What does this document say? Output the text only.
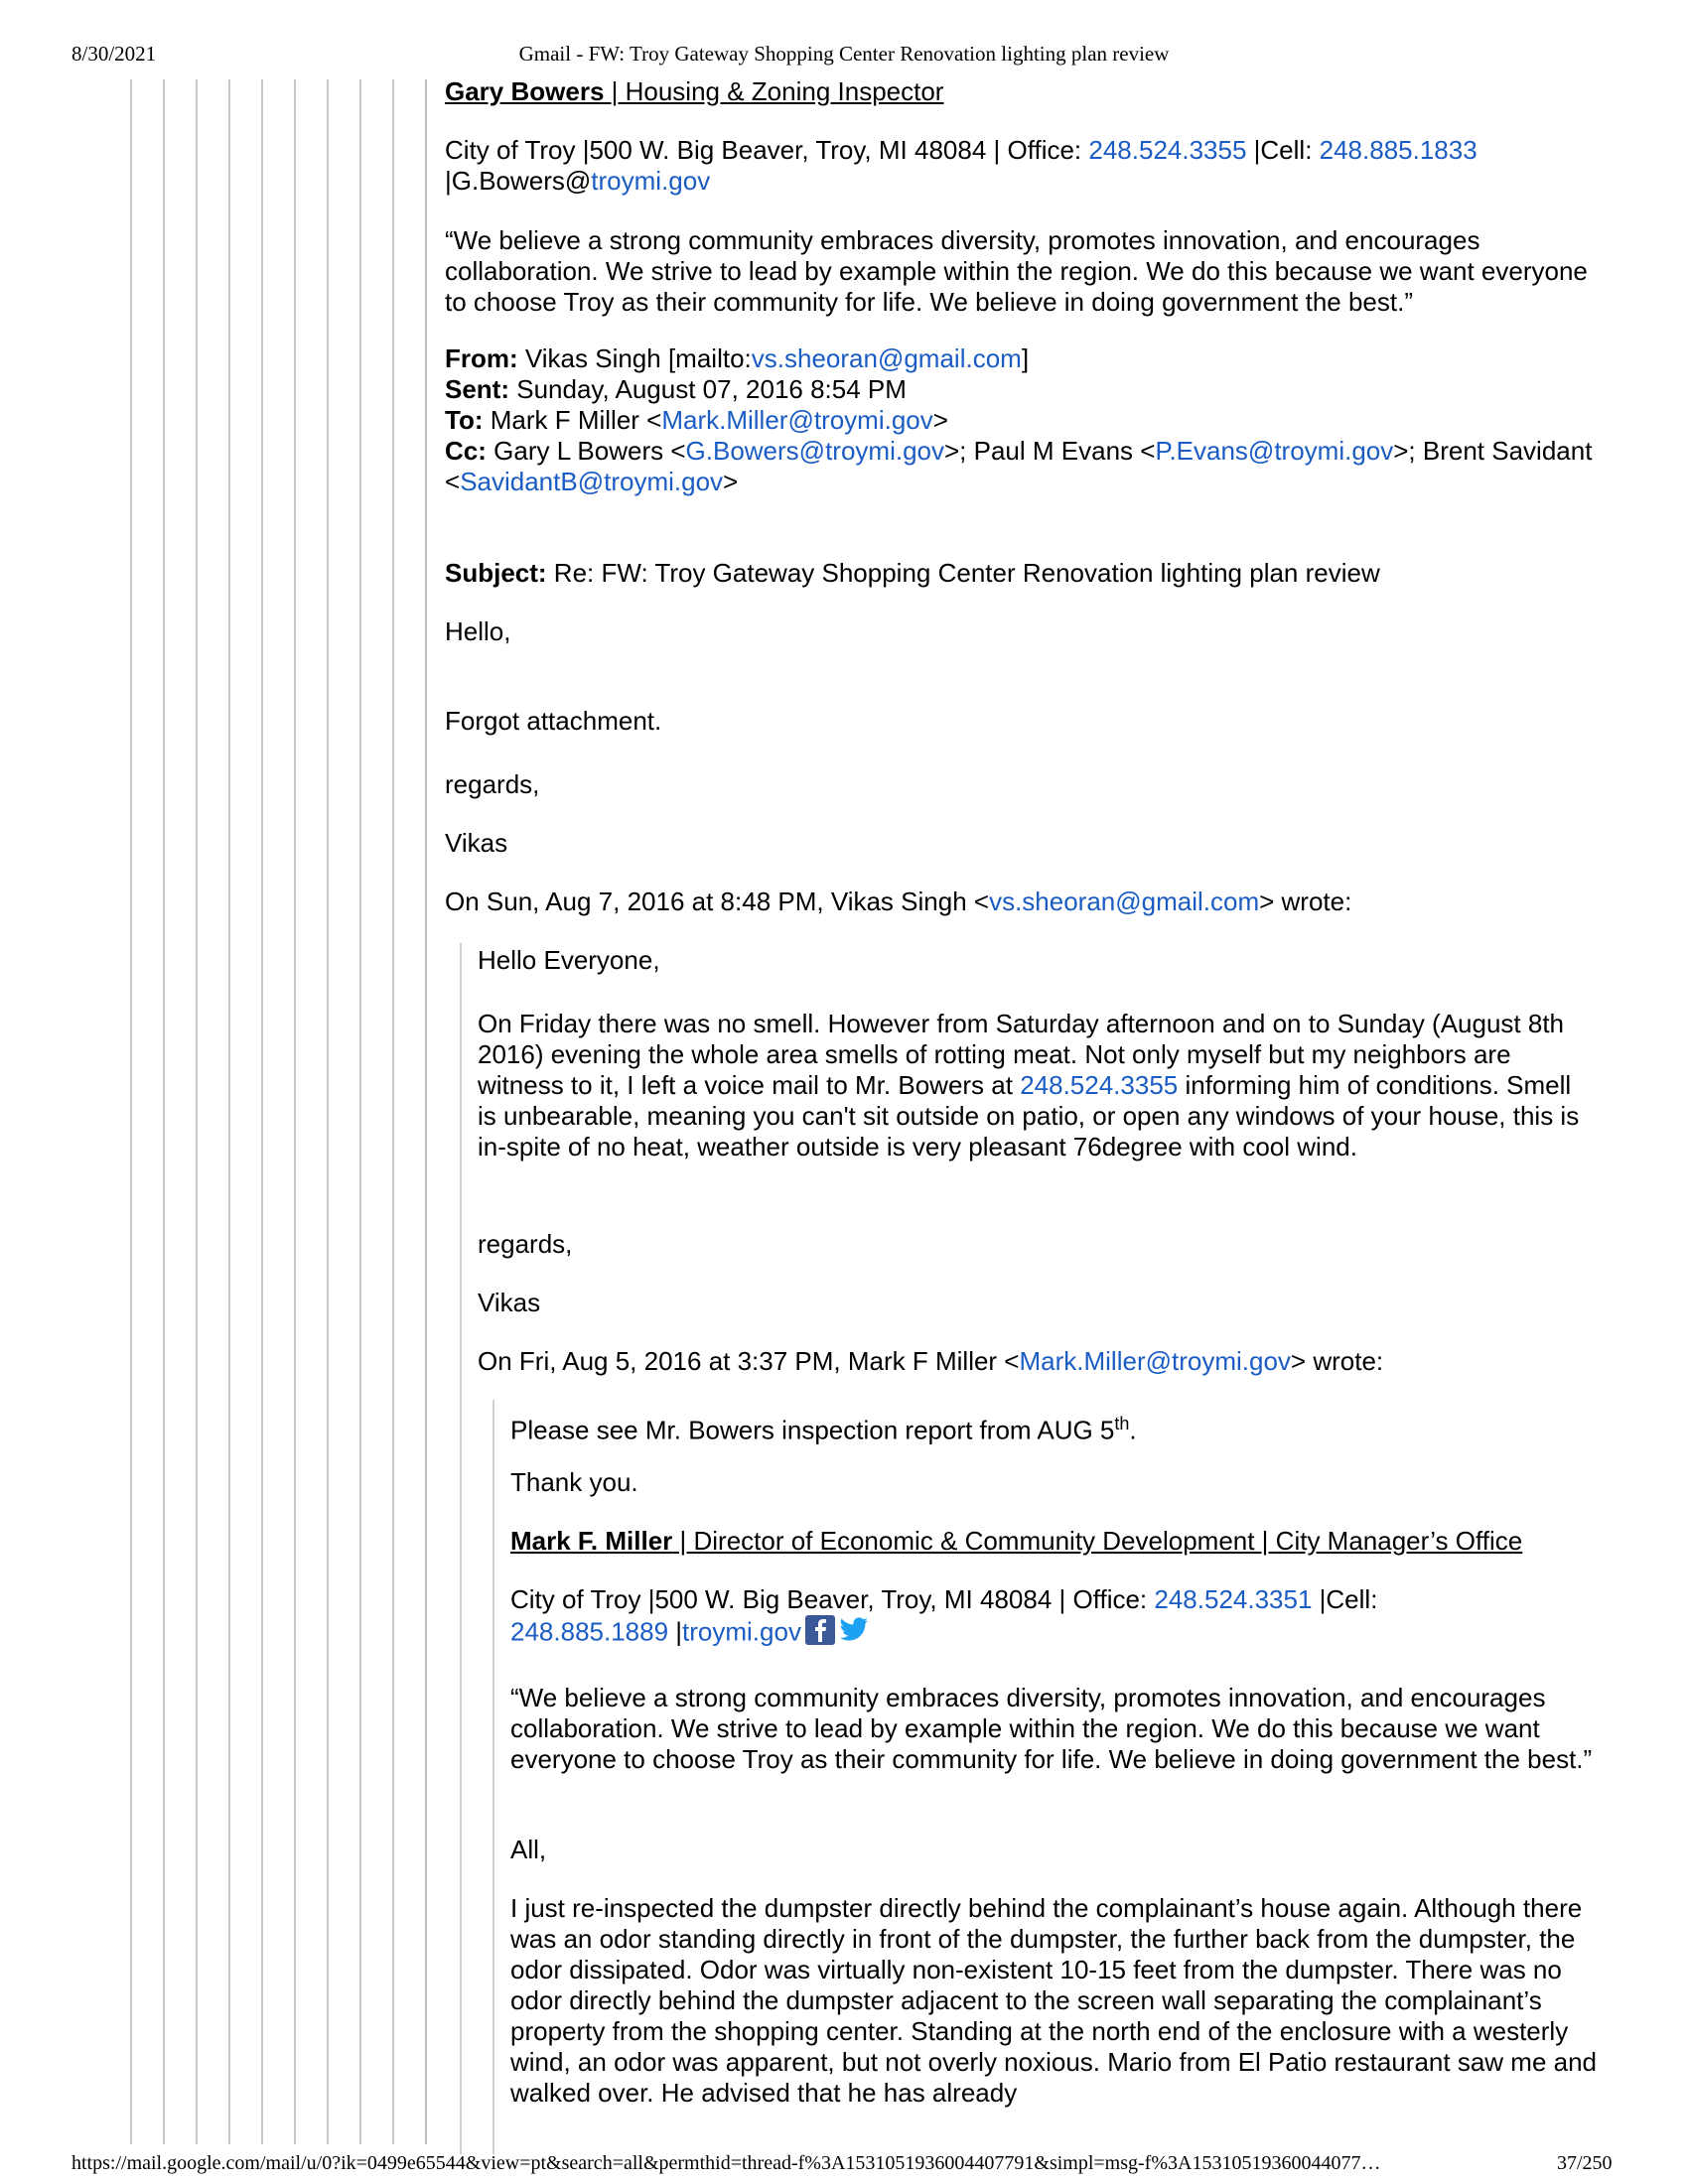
8/30/2021	Gmail - FW: Troy Gateway Shopping Center Renovation lighting plan review
Gary Bowers | Housing & Zoning Inspector
City of Troy |500 W. Big Beaver, Troy, MI 48084 | Office: 248.524.3355 |Cell: 248.885.1833
|G.Bowers@troymi.gov
“We believe a strong community embraces diversity, promotes innovation, and encourages collaboration. We strive to lead by example within the region. We do this because we want everyone to choose Troy as their community for life. We believe in doing government the best.”
From: Vikas Singh [mailto:vs.sheoran@gmail.com]
Sent: Sunday, August 07, 2016 8:54 PM
To: Mark F Miller <Mark.Miller@troymi.gov>
Cc: Gary L Bowers <G.Bowers@troymi.gov>; Paul M Evans <P.Evans@troymi.gov>; Brent Savidant <SavidantB@troymi.gov>
Subject: Re: FW: Troy Gateway Shopping Center Renovation lighting plan review
Hello,
Forgot attachment.
regards,
Vikas
On Sun, Aug 7, 2016 at 8:48 PM, Vikas Singh <vs.sheoran@gmail.com> wrote:
Hello Everyone,
On Friday there was no smell. However from Saturday afternoon and on to Sunday (August 8th 2016) evening the whole area smells of rotting meat. Not only myself but my neighbors are witness to it, I left a voice mail to Mr. Bowers at 248.524.3355 informing him of conditions. Smell is unbearable, meaning you can't sit outside on patio, or open any windows of your house, this is in-spite of no heat, weather outside is very pleasant 76degree with cool wind.
regards,
Vikas
On Fri, Aug 5, 2016 at 3:37 PM, Mark F Miller <Mark.Miller@troymi.gov> wrote:
Please see Mr. Bowers inspection report from AUG 5th.
Thank you.
Mark F. Miller | Director of Economic & Community Development | City Manager’s Office
City of Troy |500 W. Big Beaver, Troy, MI 48084 | Office: 248.524.3351 |Cell:
248.885.1889 |troymi.gov
“We believe a strong community embraces diversity, promotes innovation, and encourages collaboration. We strive to lead by example within the region. We do this because we want everyone to choose Troy as their community for life. We believe in doing government the best.”
All,
I just re-inspected the dumpster directly behind the complainant’s house again. Although there was an odor standing directly in front of the dumpster, the further back from the dumpster, the odor dissipated. Odor was virtually non-existent 10-15 feet from the dumpster. There was no odor directly behind the dumpster adjacent to the screen wall separating the complainant’s property from the shopping center. Standing at the north end of the enclosure with a westerly wind, an odor was apparent, but not overly noxious. Mario from El Patio restaurant saw me and walked over. He advised that he has already
https://mail.google.com/mail/u/0?ik=0499e65544&view=pt&search=all&permthid=thread-f%3A1531051936004407791&simpl=msg-f%3A15310519360044077…	37/250
